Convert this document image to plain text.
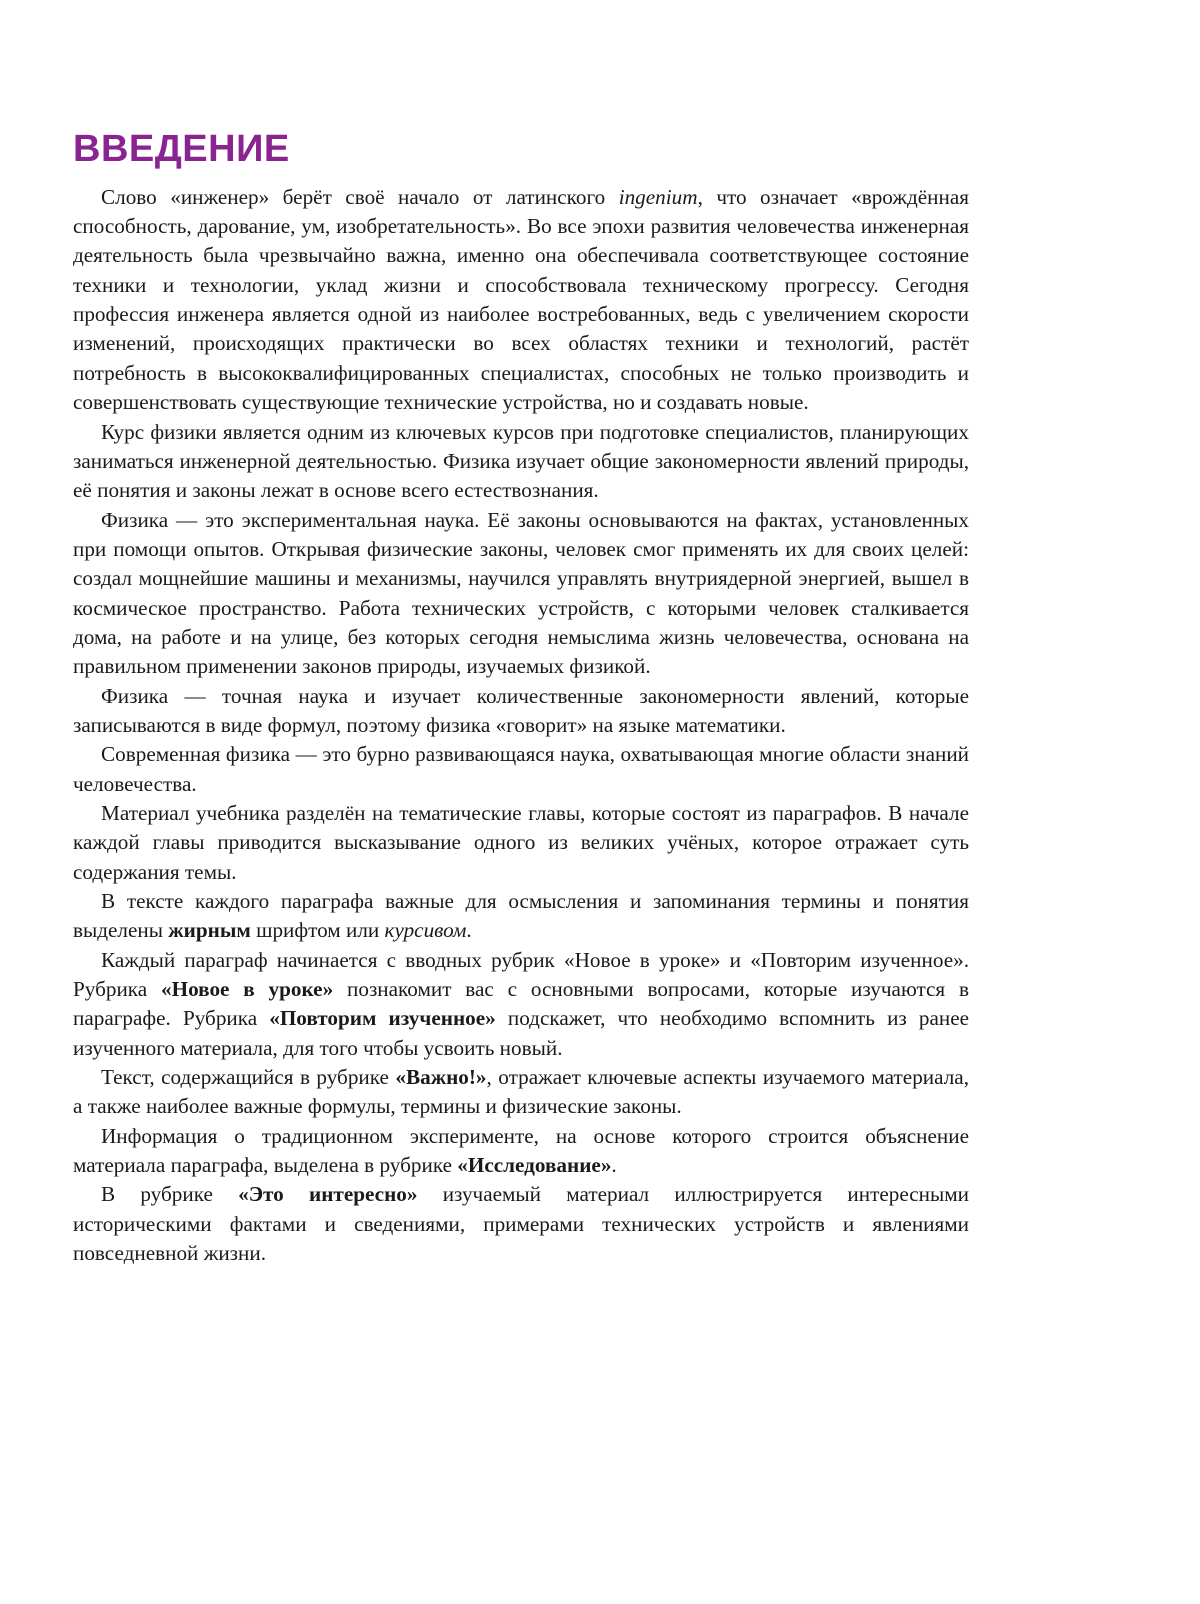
ВВЕДЕНИЕ

Слово «инженер» берёт своё начало от латинского ingenium, что означает «врождённая способность, дарование, ум, изобретательность». Во все эпохи развития человечества инженерная деятельность была чрезвычайно важна, именно она обеспечивала соответствующее состояние техники и технологии, уклад жизни и способствовала техническому прогрессу. Сегодня профессия инженера является одной из наиболее востребованных, ведь с увеличением скорости изменений, происходящих практически во всех областях техники и технологий, растёт потребность в высококвалифицированных специалистах, способных не только производить и совершенствовать существующие технические устройства, но и создавать новые.

Курс физики является одним из ключевых курсов при подготовке специалистов, планирующих заниматься инженерной деятельностью. Физика изучает общие закономерности явлений природы, её понятия и законы лежат в основе всего естествознания.

Физика — это экспериментальная наука. Её законы основываются на фактах, установленных при помощи опытов. Открывая физические законы, человек смог применять их для своих целей: создал мощнейшие машины и механизмы, научился управлять внутриядерной энергией, вышел в космическое пространство. Работа технических устройств, с которыми человек сталкивается дома, на работе и на улице, без которых сегодня немыслима жизнь человечества, основана на правильном применении законов природы, изучаемых физикой.

Физика — точная наука и изучает количественные закономерности явлений, которые записываются в виде формул, поэтому физика «говорит» на языке математики.

Современная физика — это бурно развивающаяся наука, охватывающая многие области знаний человечества.

Материал учебника разделён на тематические главы, которые состоят из параграфов. В начале каждой главы приводится высказывание одного из великих учёных, которое отражает суть содержания темы.

В тексте каждого параграфа важные для осмысления и запоминания термины и понятия выделены жирным шрифтом или курсивом.

Каждый параграф начинается с вводных рубрик «Новое в уроке» и «Повторим изученное». Рубрика «Новое в уроке» познакомит вас с основными вопросами, которые изучаются в параграфе. Рубрика «Повторим изученное» подскажет, что необходимо вспомнить из ранее изученного материала, для того чтобы усвоить новый.

Текст, содержащийся в рубрике «Важно!», отражает ключевые аспекты изучаемого материала, а также наиболее важные формулы, термины и физические законы.

Информация о традиционном эксперименте, на основе которого строится объяснение материала параграфа, выделена в рубрике «Исследование».

В рубрике «Это интересно» изучаемый материал иллюстрируется интересными историческими фактами и сведениями, примерами технических устройств и явлениями повседневной жизни.
